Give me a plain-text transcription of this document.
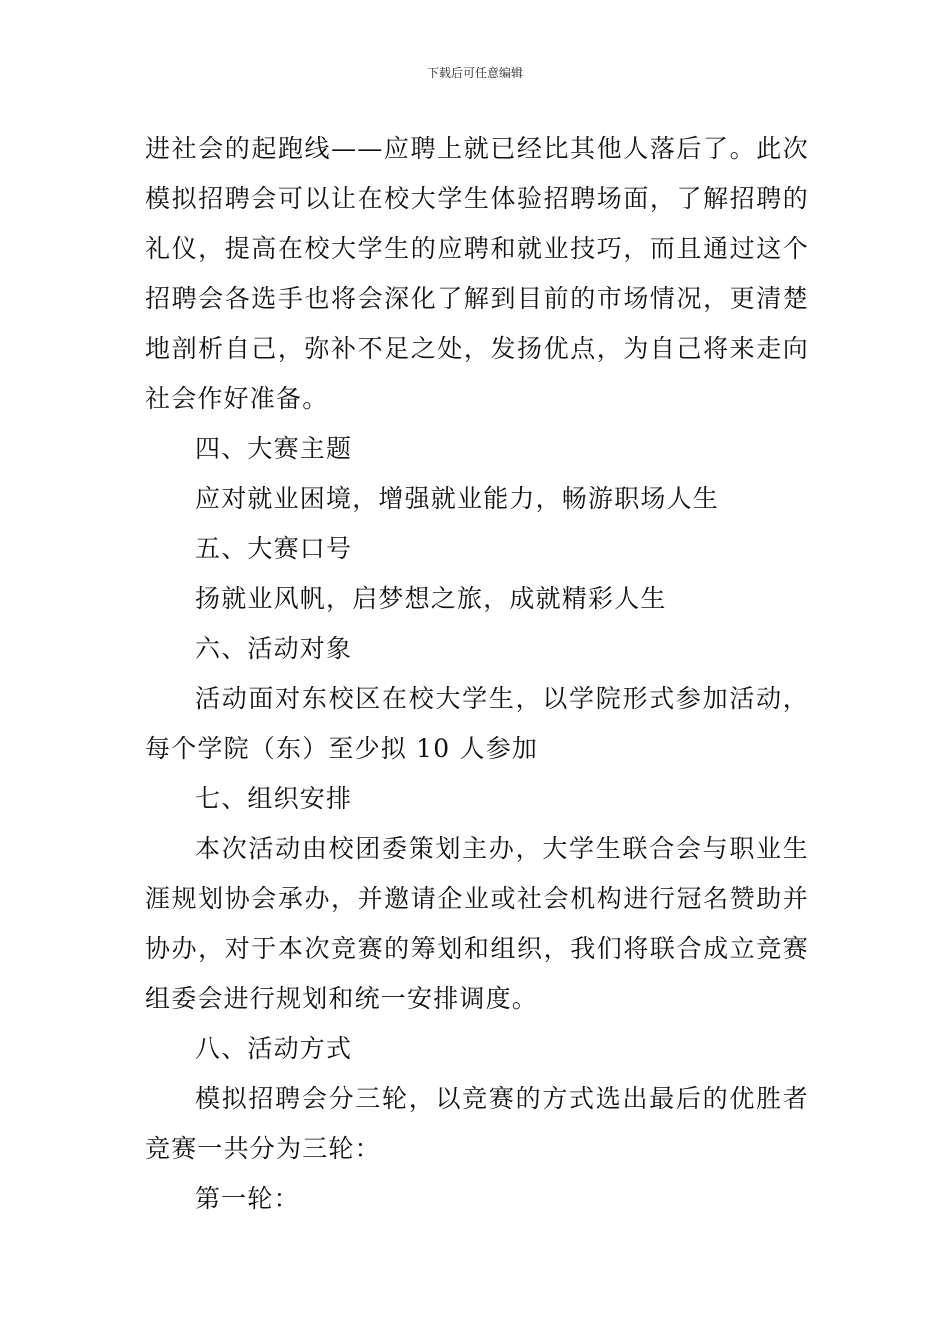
下载后可任意编辑
进社会的起跑线——应聘上就已经比其他人落后了。此次
模拟招聘会可以让在校大学生体验招聘场面，了解招聘的
礼仪，提高在校大学生的应聘和就业技巧，而且通过这个
招聘会各选手也将会深化了解到目前的市场情况，更清楚
地剖析自己，弥补不足之处，发扬优点，为自己将来走向
社会作好准备。
四、大赛主题
应对就业困境，增强就业能力，畅游职场人生
五、大赛口号
扬就业风帆，启梦想之旅，成就精彩人生
六、活动对象
活动面对东校区在校大学生，以学院形式参加活动，
每个学院（东）至少拟 10 人参加
七、组织安排
本次活动由校团委策划主办，大学生联合会与职业生
涯规划协会承办，并邀请企业或社会机构进行冠名赞助并
协办，对于本次竞赛的筹划和组织，我们将联合成立竞赛
组委会进行规划和统一安排调度。
八、活动方式
模拟招聘会分三轮，以竞赛的方式选出最后的优胜者
竞赛一共分为三轮：
第一轮：
